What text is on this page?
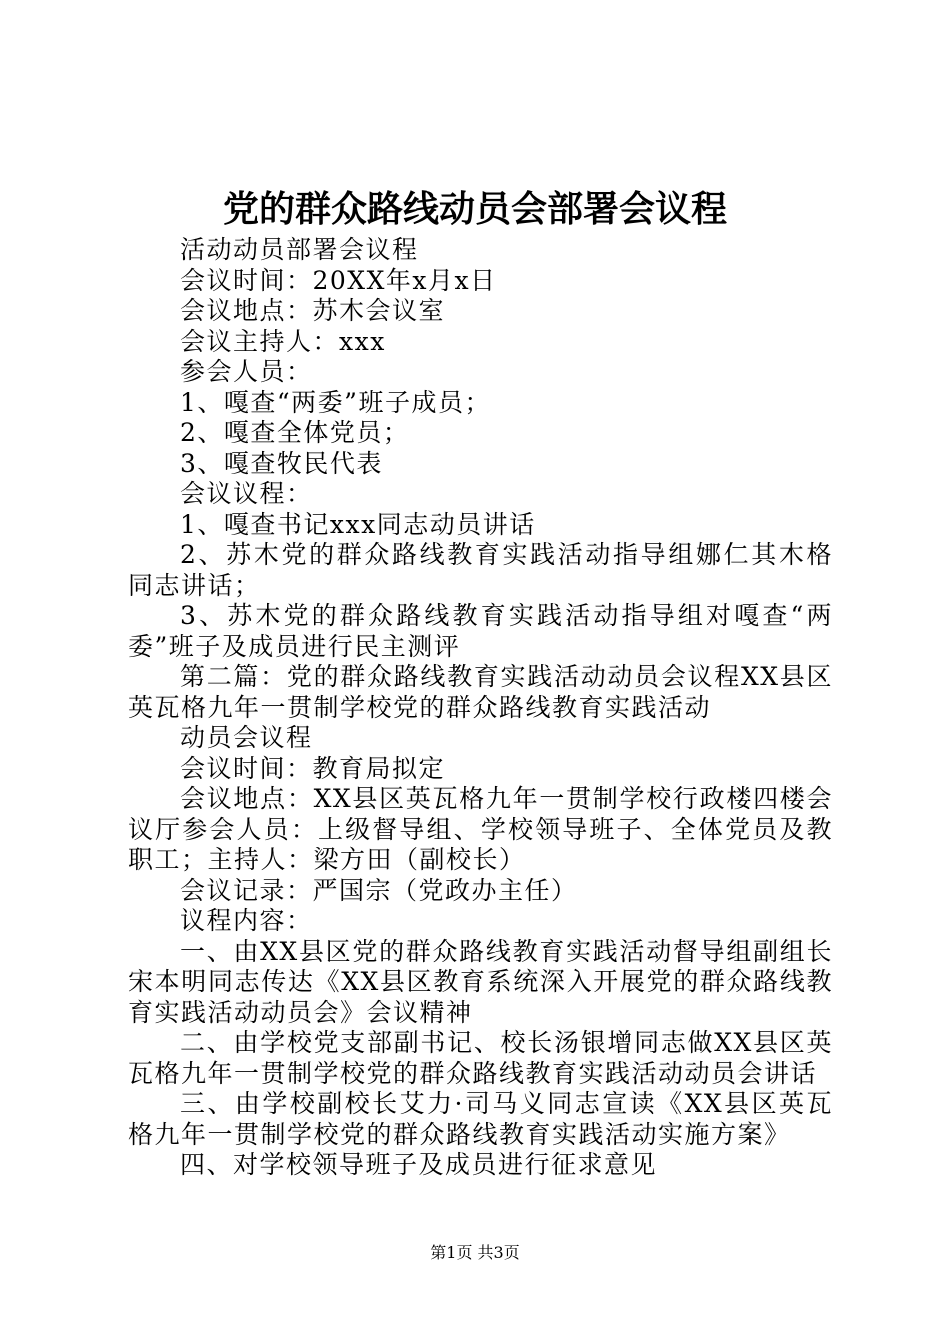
党的群众路线动员会部署会议程

活动动员部署会议程

会议时间：20XX年x月x日

会议地点：苏木会议室

会议主持人：xxx

参会人员：

1、嘎查“两委”班子成员；

2、嘎查全体党员；

3、嘎查牧民代表

会议议程：

1、嘎查书记xxx同志动员讲话

2、苏木党的群众路线教育实践活动指导组娜仁其木格同志讲话；

3、苏木党的群众路线教育实践活动指导组对嘎查“两委”班子及成员进行民主测评

第二篇：党的群众路线教育实践活动动员会议程XX县区英瓦格九年一贯制学校党的群众路线教育实践活动

动员会议程

会议时间：教育局拟定

会议地点：XX县区英瓦格九年一贯制学校行政楼四楼会议厅参会人员：上级督导组、学校领导班子、全体党员及教职工；主持人：梁方田（副校长）

会议记录：严国宗（党政办主任）

议程内容：

一、由XX县区党的群众路线教育实践活动督导组副组长宋本明同志传达《XX县区教育系统深入开展党的群众路线教育实践活动动员会》会议精神

二、由学校党支部副书记、校长汤银增同志做XX县区英瓦格九年一贯制学校党的群众路线教育实践活动动员会讲话

三、由学校副校长艾力·司马义同志宣读《XX县区英瓦格九年一贯制学校党的群众路线教育实践活动实施方案》

四、对学校领导班子及成员进行征求意见

第1页 共3页
